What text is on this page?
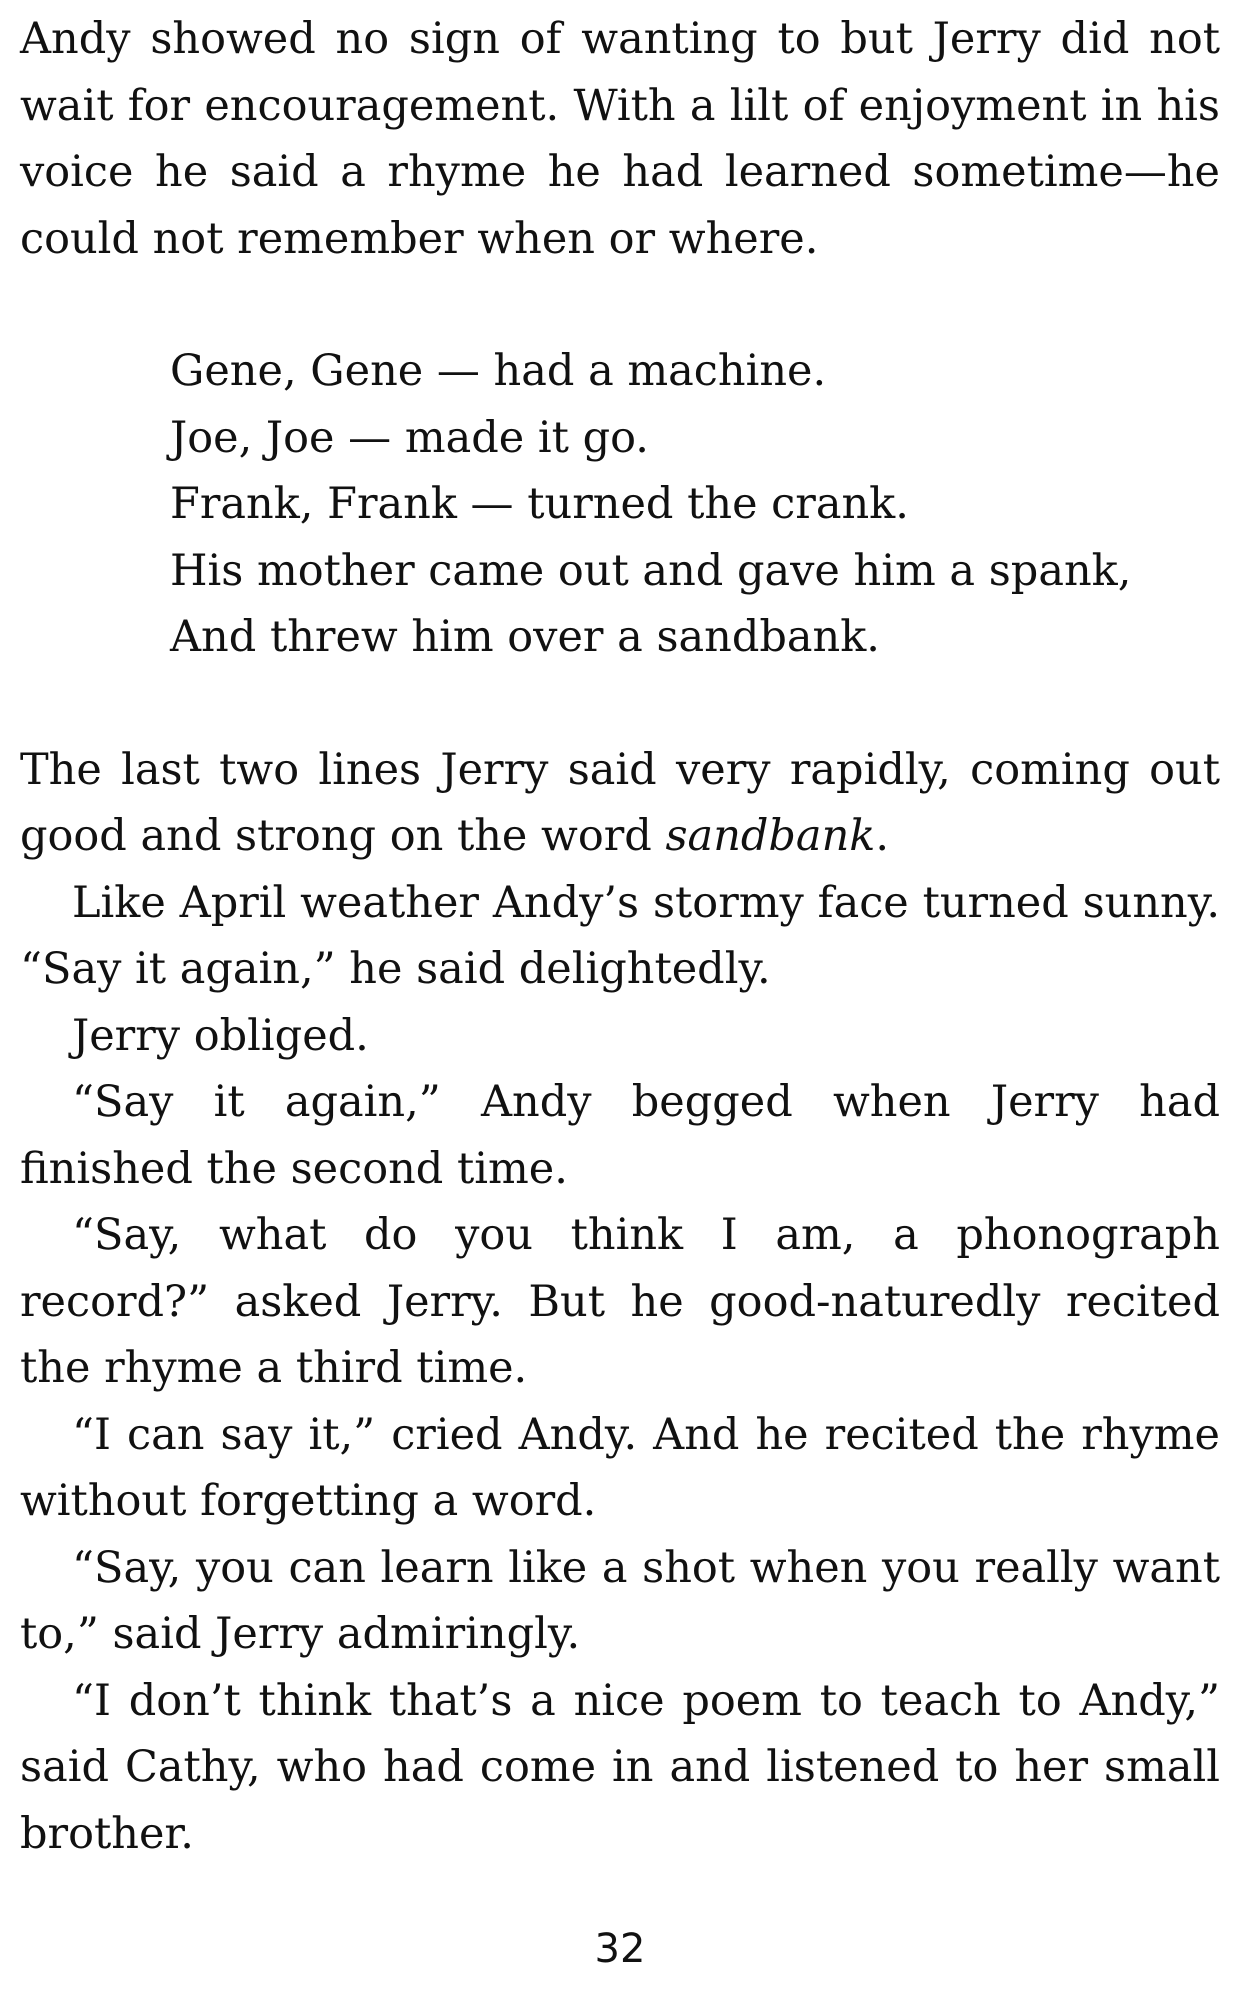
Andy showed no sign of wanting to but Jerry did not wait for encouragement. With a lilt of enjoyment in his voice he said a rhyme he had learned sometime—he could not remember when or where.

Gene, Gene — had a machine.
Joe, Joe — made it go.
Frank, Frank — turned the crank.
His mother came out and gave him a spank,
And threw him over a sandbank.

The last two lines Jerry said very rapidly, coming out good and strong on the word sandbank.

Like April weather Andy’s stormy face turned sunny. “Say it again,” he said delightedly.

Jerry obliged.

“Say it again,” Andy begged when Jerry had finished the second time.

“Say, what do you think I am, a phonograph record?” asked Jerry. But he good-naturedly recited the rhyme a third time.

“I can say it,” cried Andy. And he recited the rhyme without forgetting a word.

“Say, you can learn like a shot when you really want to,” said Jerry admiringly.

“I don’t think that’s a nice poem to teach to Andy,” said Cathy, who had come in and listened to her small brother.

32
